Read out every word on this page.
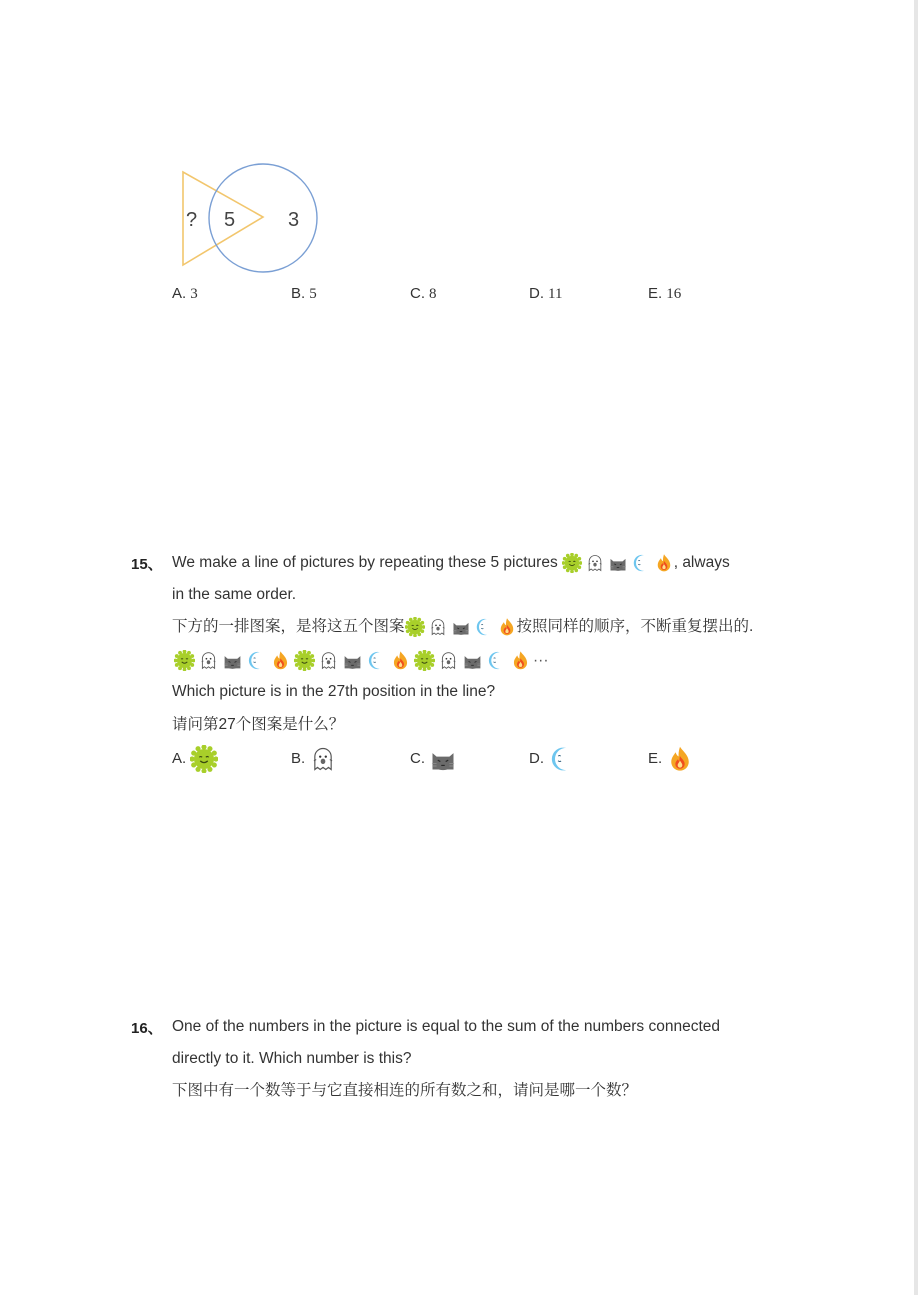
? 5	3
A. 3	B. 5	C. 8	D. 11	E. 16
15、 We make a line of pictures by repeating these 5 pictures	, always
in the same order.
下方的一排图案，是将这五个图案	按照同样的顺序，不断重复摆出的.
···
Which picture is in the 27th position in the line?
请问第27个图案是什么？
A.	B.	C.	D.	E.
16、 One of the numbers in the picture is equal to the sum of the numbers connected
directly to it. Which number is this?
下图中有一个数等于与它直接相连的所有数之和，请问是哪一个数？
